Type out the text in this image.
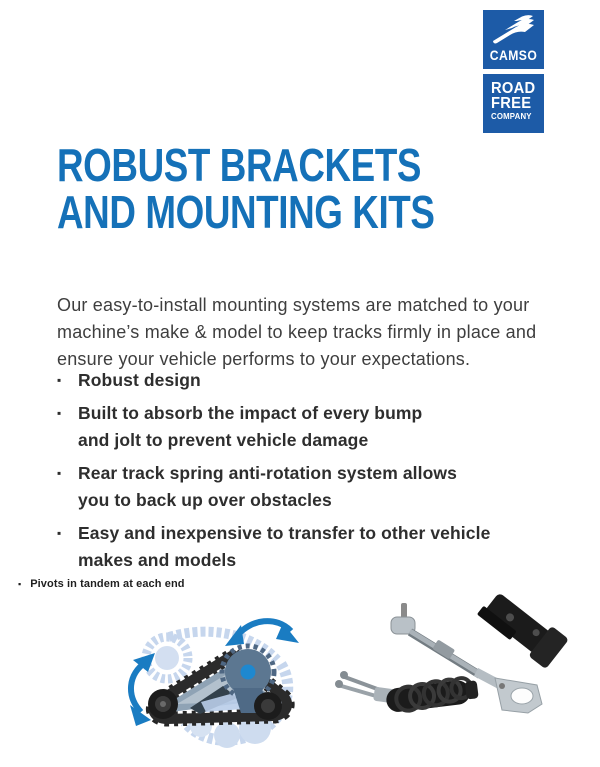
CAMSO
ROAD
FREE
COMPANY
ROBUST BRACKETS
AND MOUNTING KITS
Our easy-to-install mounting systems are matched to your
machine’s make & model to keep tracks firmly in place and
ensure your vehicle performs to your expectations.
▪ Robust design
▪ Built to absorb the impact of every bump
and jolt to prevent vehicle damage
▪ Rear track spring anti-rotation system allows
you to back up over obstacles
▪ Easy and inexpensive to transfer to other vehicle
makes and models
▪ Pivots in tandem at each end
